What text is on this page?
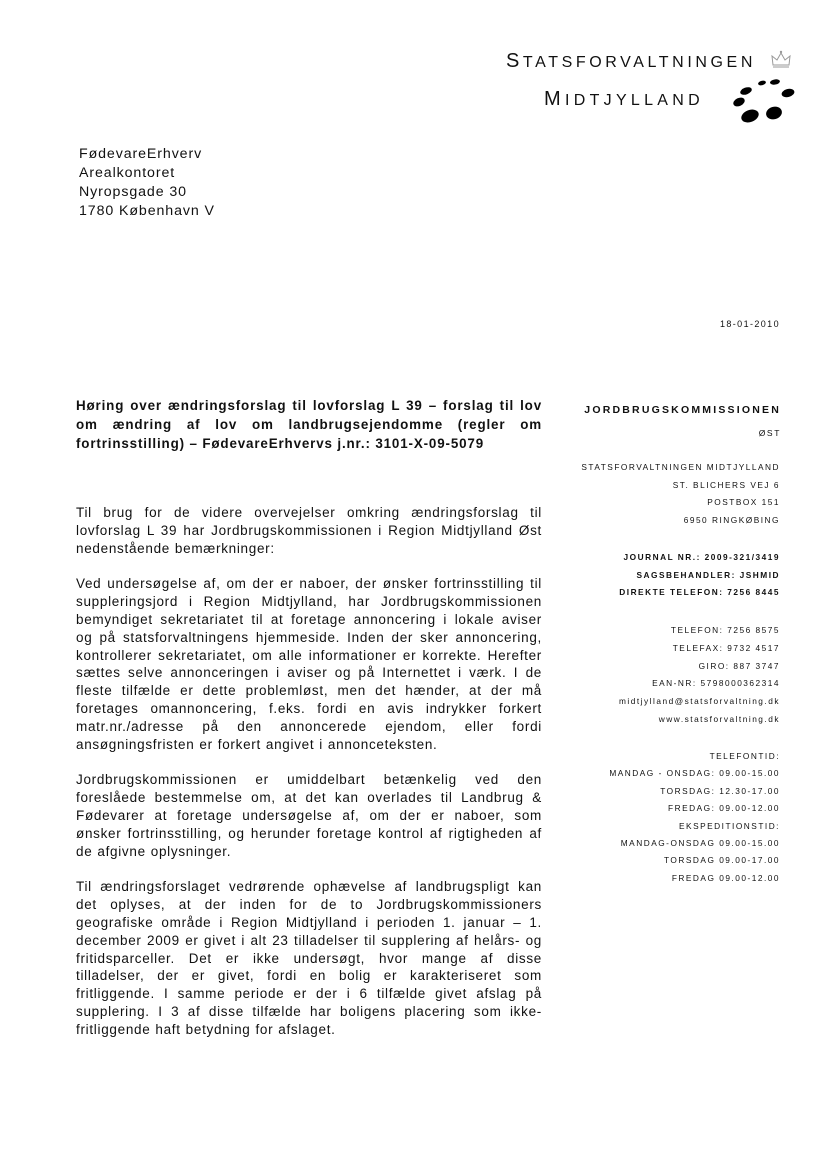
STATSFORVALTNINGEN
MIDTJYLLAND
FødevareErhverv
Arealkontoret
Nyropsgade 30
1780 København V
18-01-2010
Høring over ændringsforslag til lovforslag L 39 – forslag til lov om ændring af lov om landbrugsejendomme (regler om fortrinsstilling) – FødevareErhvervs j.nr.: 3101-X-09-5079

Til brug for de videre overvejelser omkring ændringsforslag til lovforslag L 39 har Jordbrugskommissionen i Region Midtjylland Øst nedenstående bemærkninger:

Ved undersøgelse af, om der er naboer, der ønsker fortrinsstilling til suppleringsjord i Region Midtjylland, har Jordbrugskommissionen bemyndiget sekretariatet til at foretage annoncering i lokale aviser og på statsforvaltningens hjemmeside. Inden der sker annoncering, kontrollerer sekretariatet, om alle informationer er korrekte. Herefter sættes selve annonceringen i aviser og på Internettet i værk. I de fleste tilfælde er dette problemløst, men det hænder, at der må foretages omannoncering, f.eks. fordi en avis indrykker forkert matr.nr./adresse på den annoncerede ejendom, eller fordi ansøgningsfristen er forkert angivet i annonceteksten.

Jordbrugskommissionen er umiddelbart betænkelig ved den foreslåede bestemmelse om, at det kan overlades til Landbrug & Fødevarer at foretage undersøgelse af, om der er naboer, som ønsker fortrinsstilling, og herunder foretage kontrol af rigtigheden af de afgivne oplysninger.

Til ændringsforslaget vedrørende ophævelse af landbrugspligt kan det oplyses, at der inden for de to Jordbrugskommissioners geografiske område i Region Midtjylland i perioden 1. januar – 1. december 2009 er givet i alt 23 tilladelser til supplering af helårs- og fritidsparceller. Det er ikke undersøgt, hvor mange af disse tilladelser, der er givet, fordi en bolig er karakteriseret som fritliggende. I samme periode er der i 6 tilfælde givet afslag på supplering. I 3 af disse tilfælde har boligens placering som ikke-fritliggende haft betydning for afslaget.

JORDBRUGSKOMMISSIONEN
ØST
STATSFORVALTNINGEN MIDTJYLLAND
ST. BLICHERS VEJ 6
POSTBOX 151
6950 RINGKØBING
JOURNAL NR.: 2009-321/3419
SAGSBEHANDLER: JSHMID
DIREKTE TELEFON: 7256 8445
TELEFON: 7256 8575
TELEFAX: 9732 4517
GIRO: 887 3747
EAN-NR: 5798000362314
midtjylland@statsforvaltning.dk
www.statsforvaltning.dk
TELEFONTID:
MANDAG - ONSDAG: 09.00-15.00
TORSDAG: 12.30-17.00
FREDAG: 09.00-12.00
EKSPEDITIONSTID:
MANDAG-ONSDAG 09.00-15.00
TORSDAG 09.00-17.00
FREDAG 09.00-12.00
